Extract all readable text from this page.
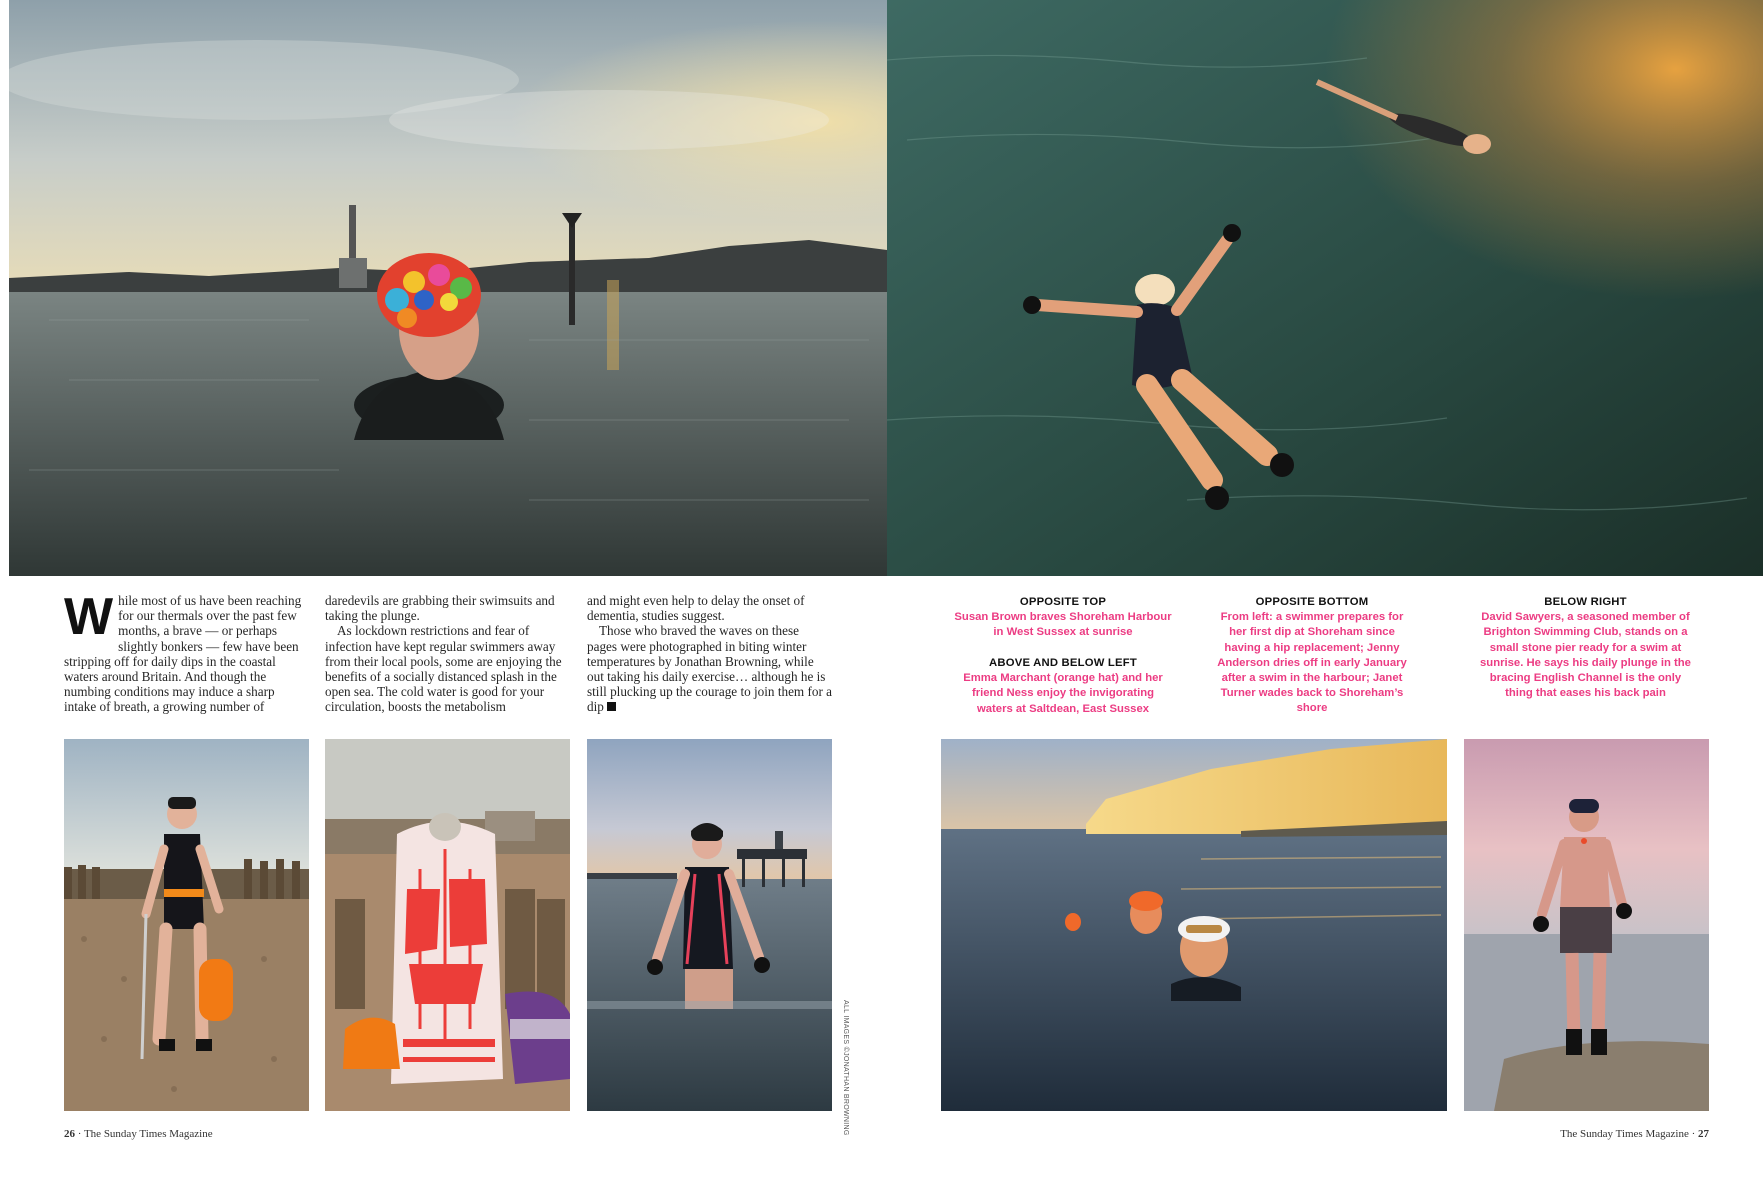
While most of us have been reaching for our thermals over the past few months, a brave — or perhaps slightly bonkers — few have been stripping off for daily dips in the coastal waters around Britain. And though the numbing conditions may induce a sharp intake of breath, a growing number of

daredevils are grabbing their swimsuits and taking the plunge.

As lockdown restrictions and fear of infection have kept regular swimmers away from their local pools, some are enjoying the benefits of a socially distanced splash in the open sea. The cold water is good for your circulation, boosts the metabolism

and might even help to delay the onset of dementia, studies suggest.

Those who braved the waves on these pages were photographed in biting winter temperatures by Jonathan Browning, while out taking his daily exercise… although he is still plucking up the courage to join them for a dip

OPPOSITE TOP
Susan Brown braves Shoreham Harbour in West Sussex at sunrise
ABOVE AND BELOW LEFT
Emma Marchant (orange hat) and her friend Ness enjoy the invigorating waters at Saltdean, East Sussex
OPPOSITE BOTTOM
From left: a swimmer prepares for her first dip at Shoreham since having a hip replacement; Jenny Anderson dries off in early January after a swim in the harbour; Janet Turner wades back to Shoreham’s shore
BELOW RIGHT
David Sawyers, a seasoned member of Brighton Swimming Club, stands on a small stone pier ready for a swim at sunrise. He says his daily plunge in the bracing English Channel is the only thing that eases his back pain
ALL IMAGES ©JONATHAN BROWNING
26 · The Sunday Times Magazine	The Sunday Times Magazine · 27
